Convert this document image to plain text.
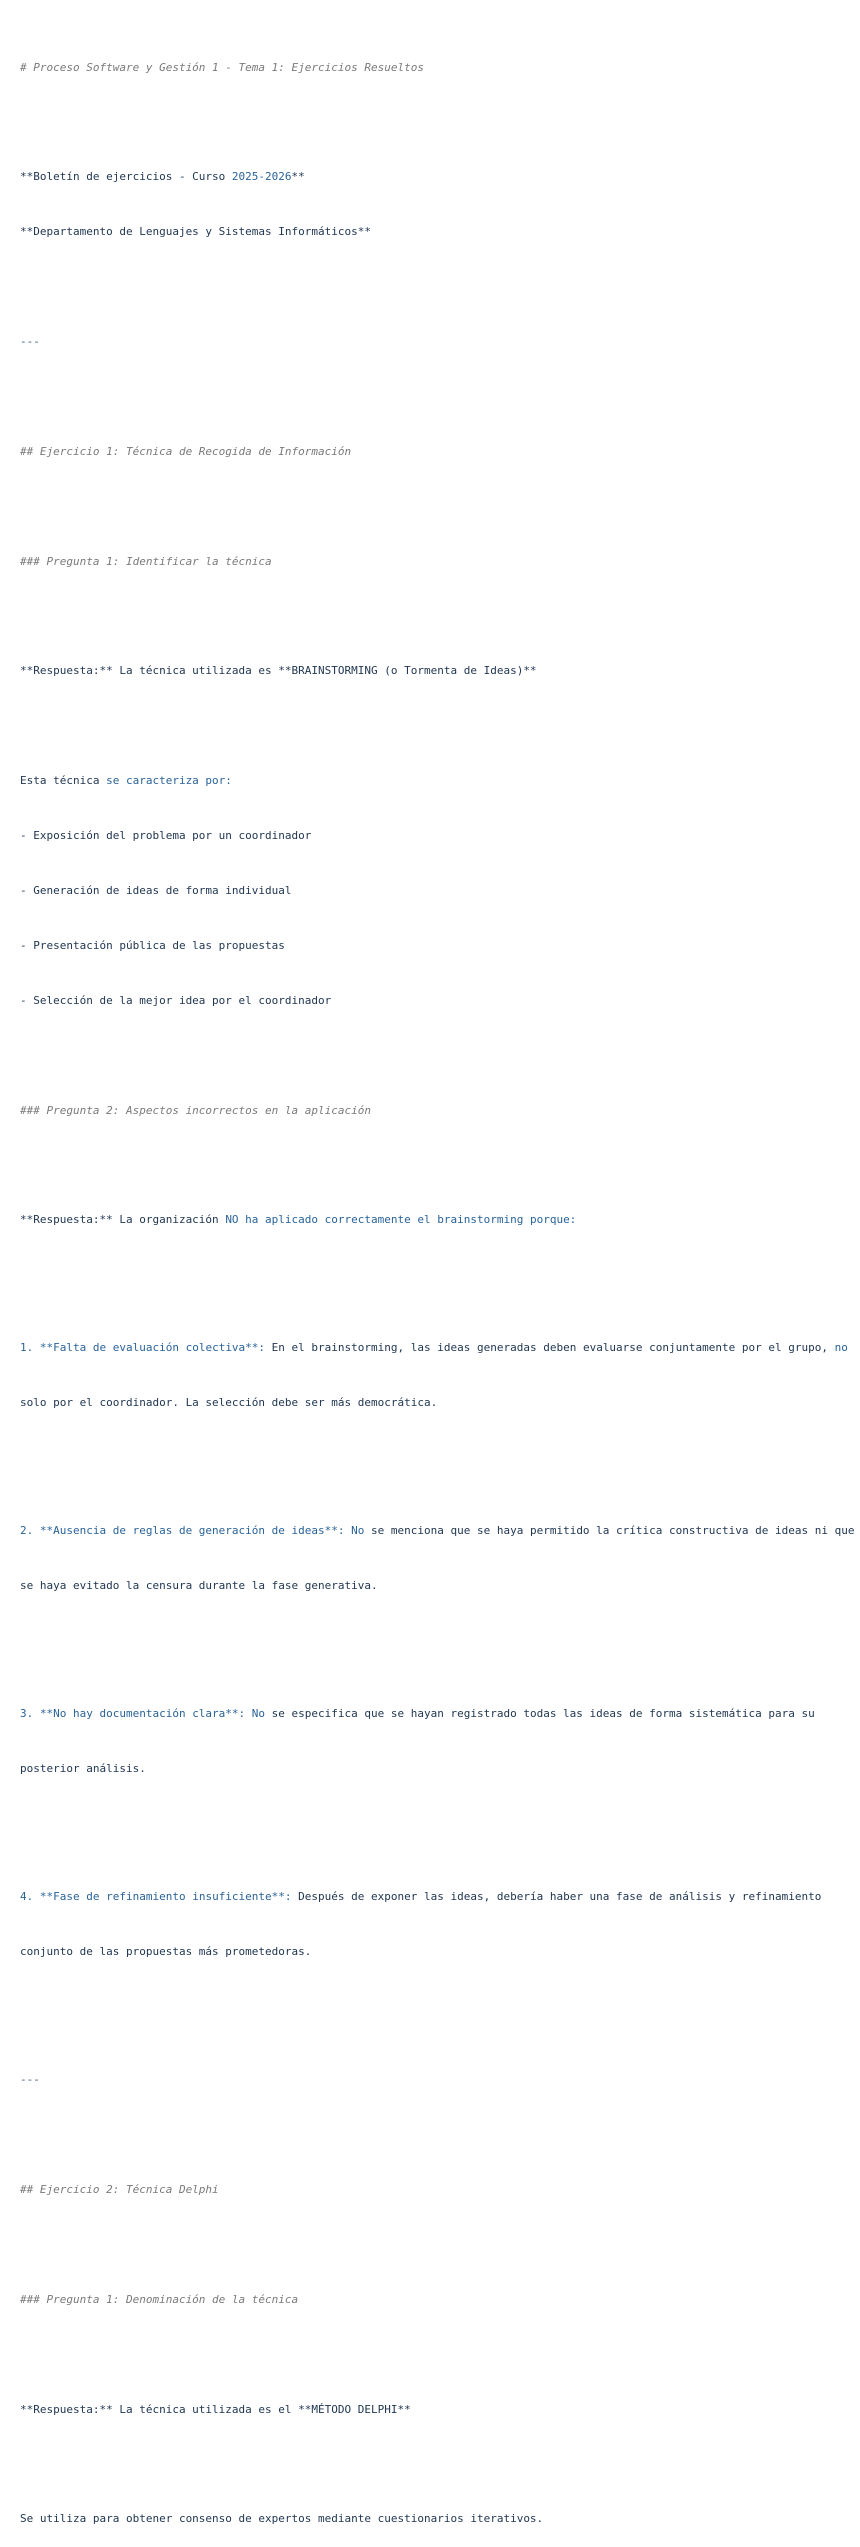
# Proceso Software y Gestión 1 - Tema 1: Ejercicios Resueltos

**Boletín de ejercicios - Curso 2025-2026**

**Departamento de Lenguajes y Sistemas Informáticos**

---

## Ejercicio 1: Técnica de Recogida de Información

### Pregunta 1: Identificar la técnica

**Respuesta:** La técnica utilizada es **BRAINSTORMING (o Tormenta de Ideas)**

Esta técnica se caracteriza por:

- Exposición del problema por un coordinador

- Generación de ideas de forma individual

- Presentación pública de las propuestas

- Selección de la mejor idea por el coordinador

### Pregunta 2: Aspectos incorrectos en la aplicación

**Respuesta:** La organización NO ha aplicado correctamente el brainstorming porque:

1. **Falta de evaluación colectiva**: En el brainstorming, las ideas generadas deben evaluarse conjuntamente por el grupo, no

solo por el coordinador. La selección debe ser más democrática.

2. **Ausencia de reglas de generación de ideas**: No se menciona que se haya permitido la crítica constructiva de ideas ni que

se haya evitado la censura durante la fase generativa.

3. **No hay documentación clara**: No se especifica que se hayan registrado todas las ideas de forma sistemática para su

posterior análisis.

4. **Fase de refinamiento insuficiente**: Después de exponer las ideas, debería haber una fase de análisis y refinamiento

conjunto de las propuestas más prometedoras.

---

## Ejercicio 2: Técnica Delphi

### Pregunta 1: Denominación de la técnica

**Respuesta:** La técnica utilizada es el **MÉTODO DELPHI**

Se utiliza para obtener consenso de expertos mediante cuestionarios iterativos.
